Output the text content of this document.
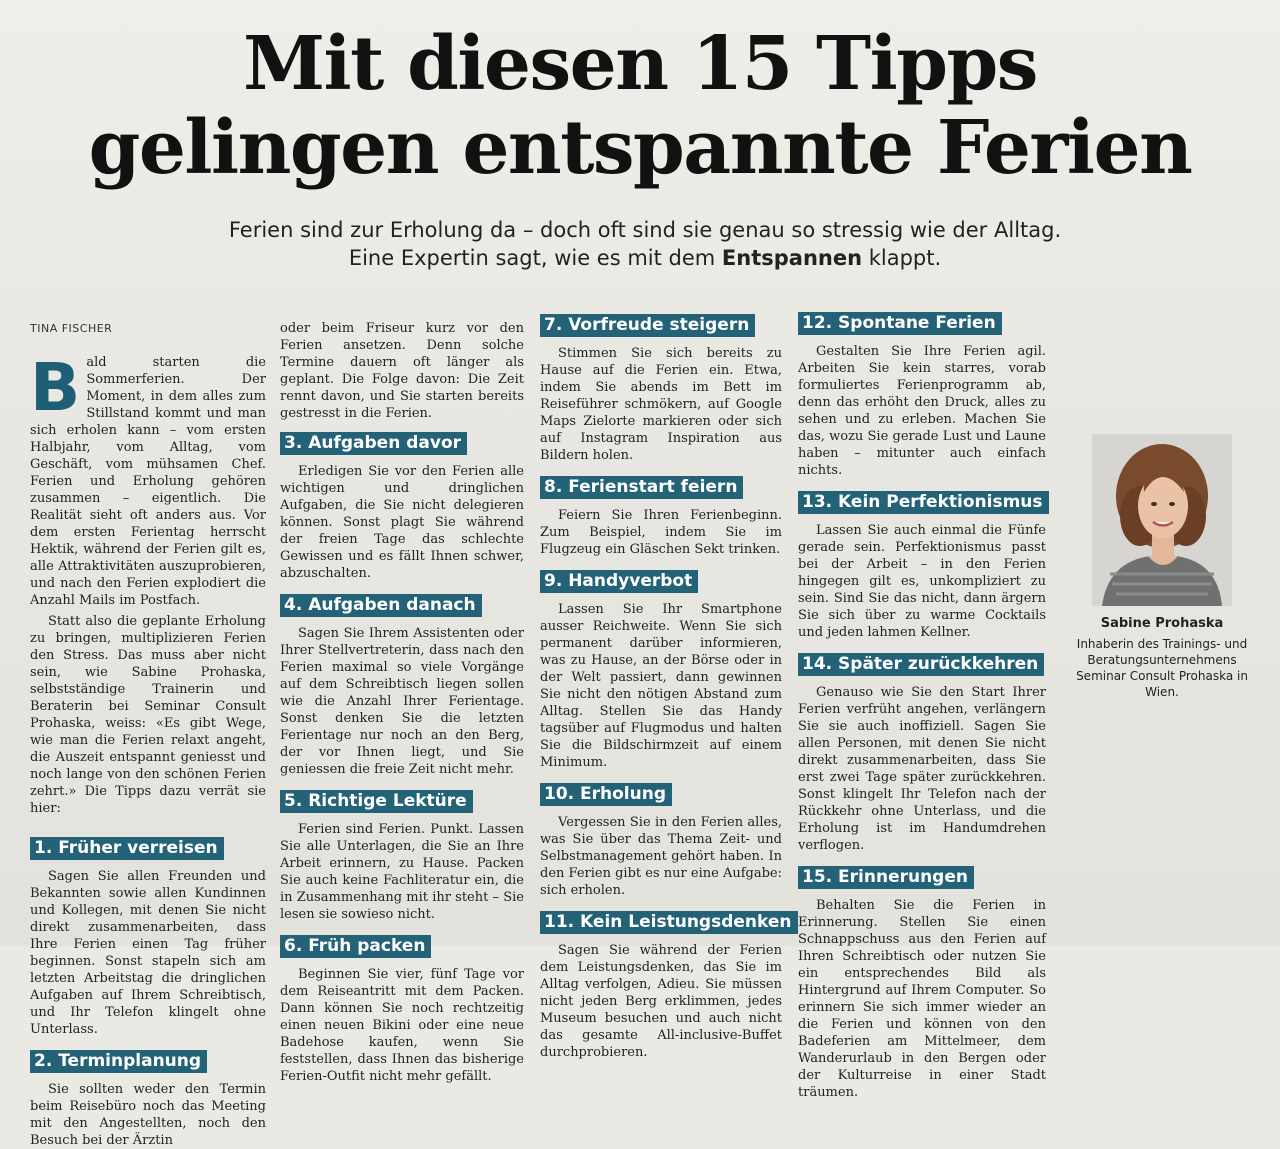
Mit diesen 15 Tipps
gelingen entspannte Ferien
Ferien sind zur Erholung da – doch oft sind sie genau so stressig wie der Alltag.
Eine Expertin sagt, wie es mit dem Entspannen klappt.
TINA FISCHER

Bald starten die Sommerferien. Der Moment, in dem alles zum Stillstand kommt und man sich erholen kann – vom ersten Halbjahr, vom Alltag, vom Geschäft, vom mühsamen Chef. Ferien und Erholung gehören zusammen – eigentlich. Die Realität sieht oft anders aus. Vor dem ersten Ferientag herrscht Hektik, während der Ferien gilt es, alle Attraktivitäten auszuprobieren, und nach den Ferien explodiert die Anzahl Mails im Postfach.

Statt also die geplante Erholung zu bringen, multiplizieren Ferien den Stress. Das muss aber nicht sein, wie Sabine Prohaska, selbstständige Trainerin und Beraterin bei Seminar Consult Prohaska, weiss: «Es gibt Wege, wie man die Ferien relaxt angeht, die Auszeit entspannt geniesst und noch lange von den schönen Ferien zehrt.» Die Tipps dazu verrät sie hier:

1. Früher verreisen

Sagen Sie allen Freunden und Bekannten sowie allen Kundinnen und Kollegen, mit denen Sie nicht direkt zusammenarbeiten, dass Ihre Ferien einen Tag früher beginnen. Sonst stapeln sich am letzten Arbeitstag die dringlichen Aufgaben auf Ihrem Schreibtisch, und Ihr Telefon klingelt ohne Unterlass.

2. Terminplanung

Sie sollten weder den Termin beim Reisebüro noch das Meeting mit den Angestellten, noch den Besuch bei der Ärztin

oder beim Friseur kurz vor den Ferien ansetzen. Denn solche Termine dauern oft länger als geplant. Die Folge davon: Die Zeit rennt davon, und Sie starten bereits gestresst in die Ferien.

3. Aufgaben davor

Erledigen Sie vor den Ferien alle wichtigen und dringlichen Aufgaben, die Sie nicht delegieren können. Sonst plagt Sie während der freien Tage das schlechte Gewissen und es fällt Ihnen schwer, abzuschalten.

4. Aufgaben danach

Sagen Sie Ihrem Assistenten oder Ihrer Stellvertreterin, dass nach den Ferien maximal so viele Vorgänge auf dem Schreibtisch liegen sollen wie die Anzahl Ihrer Ferientage. Sonst denken Sie die letzten Ferientage nur noch an den Berg, der vor Ihnen liegt, und Sie geniessen die freie Zeit nicht mehr.

5. Richtige Lektüre

Ferien sind Ferien. Punkt. Lassen Sie alle Unterlagen, die Sie an Ihre Arbeit erinnern, zu Hause. Packen Sie auch keine Fachliteratur ein, die in Zusammenhang mit ihr steht – Sie lesen sie sowieso nicht.

6. Früh packen

Beginnen Sie vier, fünf Tage vor dem Reiseantritt mit dem Packen. Dann können Sie noch rechtzeitig einen neuen Bikini oder eine neue Badehose kaufen, wenn Sie feststellen, dass Ihnen das bisherige Ferien-Outfit nicht mehr gefällt.

7. Vorfreude steigern

Stimmen Sie sich bereits zu Hause auf die Ferien ein. Etwa, indem Sie abends im Bett im Reiseführer schmökern, auf Google Maps Zielorte markieren oder sich auf Instagram Inspiration aus Bildern holen.

8. Ferienstart feiern

Feiern Sie Ihren Ferienbeginn. Zum Beispiel, indem Sie im Flugzeug ein Gläschen Sekt trinken.

9. Handyverbot

Lassen Sie Ihr Smartphone ausser Reichweite. Wenn Sie sich permanent darüber informieren, was zu Hause, an der Börse oder in der Welt passiert, dann gewinnen Sie nicht den nötigen Abstand zum Alltag. Stellen Sie das Handy tagsüber auf Flugmodus und halten Sie die Bildschirmzeit auf einem Minimum.

10. Erholung

Vergessen Sie in den Ferien alles, was Sie über das Thema Zeit- und Selbstmanagement gehört haben. In den Ferien gibt es nur eine Aufgabe: sich erholen.

11. Kein Leistungsdenken

Sagen Sie während der Ferien dem Leistungsdenken, das Sie im Alltag verfolgen, Adieu. Sie müssen nicht jeden Berg erklimmen, jedes Museum besuchen und auch nicht das gesamte All-inclusive-Buffet durchprobieren.

12. Spontane Ferien

Gestalten Sie Ihre Ferien agil. Arbeiten Sie kein starres, vorab formuliertes Ferienprogramm ab, denn das erhöht den Druck, alles zu sehen und zu erleben. Machen Sie das, wozu Sie gerade Lust und Laune haben – mitunter auch einfach nichts.

13. Kein Perfektionismus

Lassen Sie auch einmal die Fünfe gerade sein. Perfektionismus passt bei der Arbeit – in den Ferien hingegen gilt es, unkompliziert zu sein. Sind Sie das nicht, dann ärgern Sie sich über zu warme Cocktails und jeden lahmen Kellner.

14. Später zurückkehren

Genauso wie Sie den Start Ihrer Ferien verfrüht angehen, verlängern Sie sie auch inoffiziell. Sagen Sie allen Personen, mit denen Sie nicht direkt zusammenarbeiten, dass Sie erst zwei Tage später zurückkehren. Sonst klingelt Ihr Telefon nach der Rückkehr ohne Unterlass, und die Erholung ist im Handumdrehen verflogen.

15. Erinnerungen

Behalten Sie die Ferien in Erinnerung. Stellen Sie einen Schnappschuss aus den Ferien auf Ihren Schreibtisch oder nutzen Sie ein entsprechendes Bild als Hintergrund auf Ihrem Computer. So erinnern Sie sich immer wieder an die Ferien und können von den Badeferien am Mittelmeer, dem Wanderurlaub in den Bergen oder der Kulturreise in einer Stadt träumen.

Sabine Prohaska
Inhaberin des Trainings- und Beratungsunternehmens Seminar Consult Prohaska in Wien.
